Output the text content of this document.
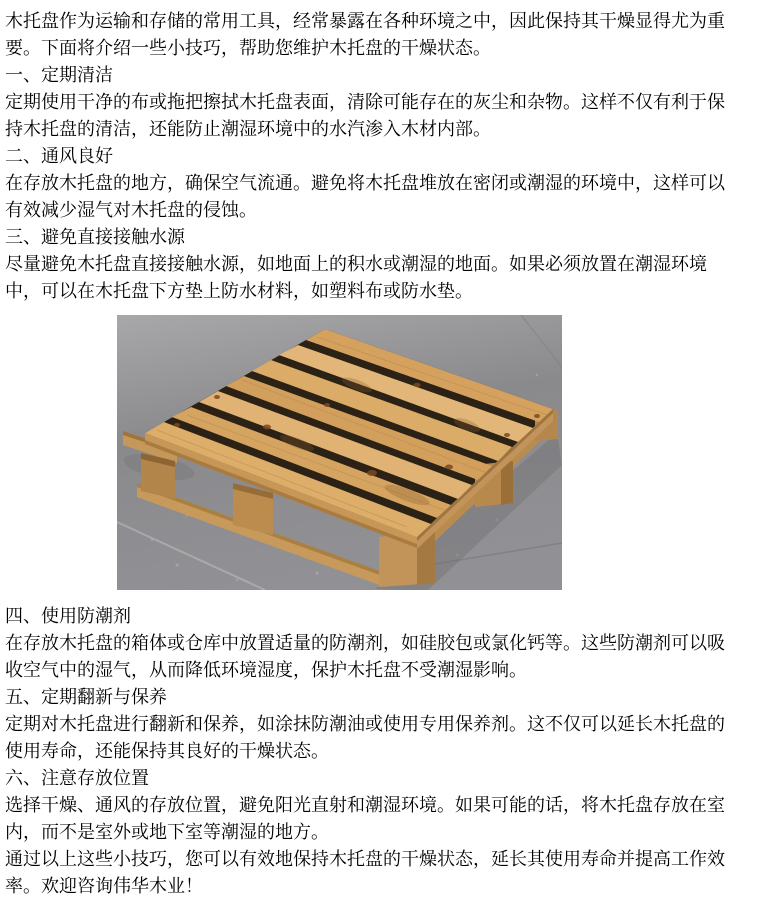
木托盘作为运输和存储的常用工具，经常暴露在各种环境之中，因此保持其干燥显得尤为重要。下面将介绍一些小技巧，帮助您维护木托盘的干燥状态。

一、定期清洁

定期使用干净的布或拖把擦拭木托盘表面，清除可能存在的灰尘和杂物。这样不仅有利于保持木托盘的清洁，还能防止潮湿环境中的水汽渗入木材内部。

二、通风良好

在存放木托盘的地方，确保空气流通。避免将木托盘堆放在密闭或潮湿的环境中，这样可以有效减少湿气对木托盘的侵蚀。

三、避免直接接触水源

尽量避免木托盘直接接触水源，如地面上的积水或潮湿的地面。如果必须放置在潮湿环境中，可以在木托盘下方垫上防水材料，如塑料布或防水垫。

四、使用防潮剂

在存放木托盘的箱体或仓库中放置适量的防潮剂，如硅胶包或氯化钙等。这些防潮剂可以吸收空气中的湿气，从而降低环境湿度，保护木托盘不受潮湿影响。

五、定期翻新与保养

定期对木托盘进行翻新和保养，如涂抹防潮油或使用专用保养剂。这不仅可以延长木托盘的使用寿命，还能保持其良好的干燥状态。

六、注意存放位置

选择干燥、通风的存放位置，避免阳光直射和潮湿环境。如果可能的话，将木托盘存放在室内，而不是室外或地下室等潮湿的地方。

通过以上这些小技巧，您可以有效地保持木托盘的干燥状态，延长其使用寿命并提高工作效率。欢迎咨询伟华木业！
